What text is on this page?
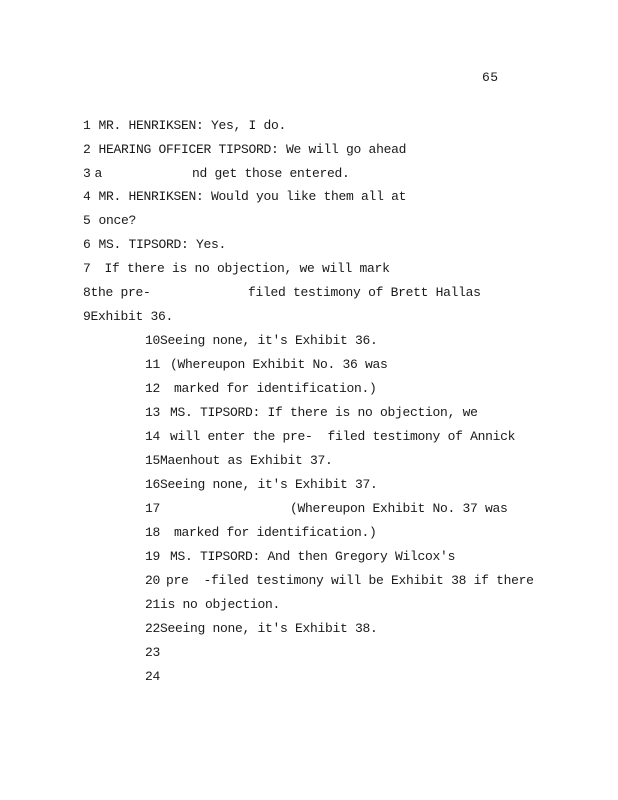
65
1 MR. HENRIKSEN: Yes, I do.
2 HEARING OFFICER TIPSORD: We will go ahead
3 a            nd get those entered.
4 MR. HENRIKSEN: Would you like them all at
5 once?
6 MS. TIPSORD: Yes.
7 If there is no objection, we will mark
8the pre-             filed testimony of Brett Hallas
9Exhibit 36.
10Seeing none, it's Exhibit 36.
11 (Whereupon Exhibit No. 36 was
12 marked for identification.)
13 MS. TIPSORD: If there is no objection, we
14 will enter the pre-  filed testimony of Annick
15Maenhout as Exhibit 37.
16Seeing none, it's Exhibit 37.
17	(Whereupon Exhibit No. 37 was
18 marked for identification.)
19 MS. TIPSORD: And then Gregory Wilcox's
20 pre  -filed testimony will be Exhibit 38 if there
21is no objection.
22Seeing none, it's Exhibit 38.
23
24
